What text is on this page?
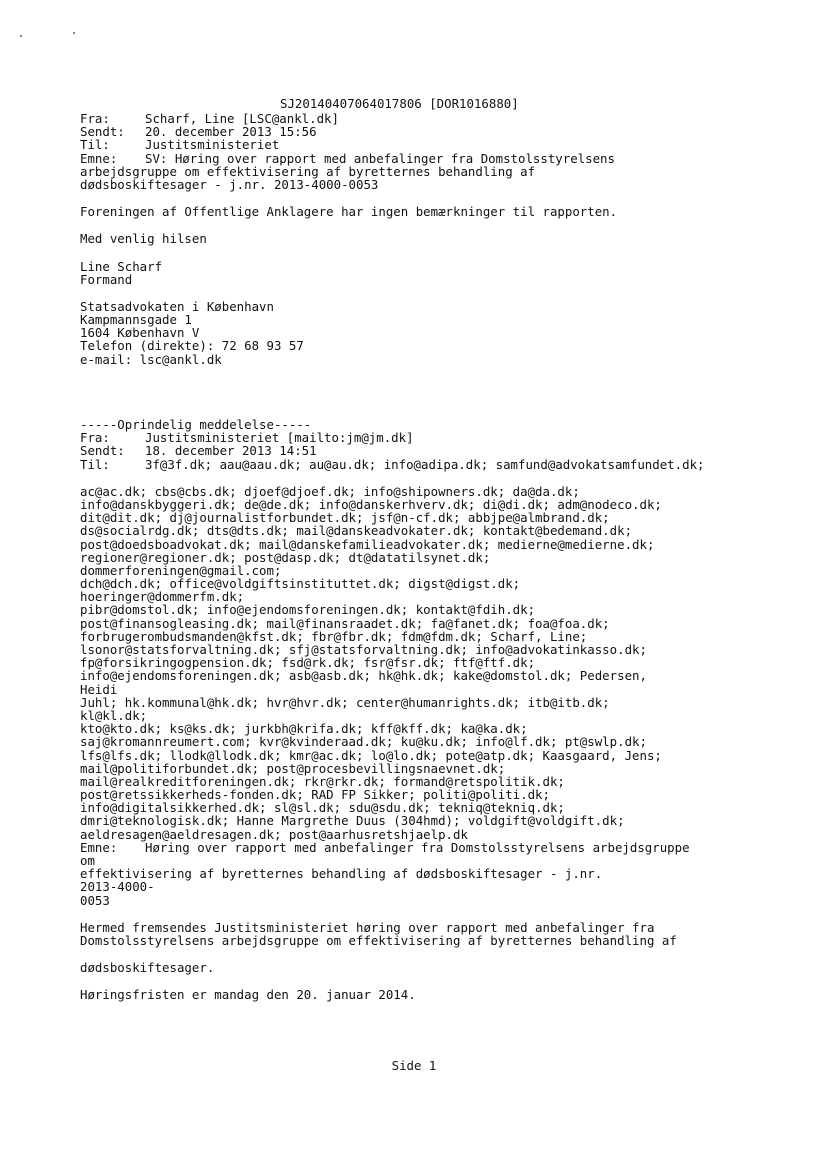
SJ20140407064017806 [DOR1016880]
Fra:	Scharf, Line [LSC@ankl.dk]
Sendt:	20. december 2013 15:56
Til:	Justitsministeriet
Emne:	SV: Høring over rapport med anbefalinger fra Domstolsstyrelsens
arbejdsgruppe om effektivisering af byretternes behandling af
dødsboskiftesager - j.nr. 2013-4000-0053
Foreningen af Offentlige Anklagere har ingen bemærkninger til rapporten.
Med venlig hilsen
Line Scharf
Formand
Statsadvokaten i København
Kampmannsgade 1
1604 København V
Telefon (direkte): 72 68 93 57
e-mail: lsc@ankl.dk
-----Oprindelig meddelelse-----
Fra:	Justitsministeriet [mailto:jm@jm.dk]
Sendt:	18. december 2013 14:51
Til:	3f@3f.dk; aau@aau.dk; au@au.dk; info@adipa.dk; samfund@advokatsamfundet.dk;
ac@ac.dk; cbs@cbs.dk; djoef@djoef.dk; info@shipowners.dk; da@da.dk;
info@danskbyggeri.dk; de@de.dk; info@danskerhverv.dk; di@di.dk; adm@nodeco.dk;
dit@dit.dk; dj@journalistforbundet.dk; jsf@n-cf.dk; abbjpe@almbrand.dk;
ds@socialrdg.dk; dts@dts.dk; mail@danskeadvokater.dk; kontakt@bedemand.dk;
post@doedsboadvokat.dk; mail@danskefamilieadvokater.dk; medierne@medierne.dk;
regioner@regioner.dk; post@dasp.dk; dt@datatilsynet.dk;
dommerforeningen@gmail.com;
dch@dch.dk; office@voldgiftsinstituttet.dk; digst@digst.dk;
hoeringer@dommerfm.dk;
pibr@domstol.dk; info@ejendomsforeningen.dk; kontakt@fdih.dk;
post@finansogleasing.dk; mail@finansraadet.dk; fa@fanet.dk; foa@foa.dk;
forbrugerombudsmanden@kfst.dk; fbr@fbr.dk; fdm@fdm.dk; Scharf, Line;
lsonor@statsforvaltning.dk; sfj@statsforvaltning.dk; info@advokatinkasso.dk;
fp@forsikringogpension.dk; fsd@rk.dk; fsr@fsr.dk; ftf@ftf.dk;
info@ejendomsforeningen.dk; asb@asb.dk; hk@hk.dk; kake@domstol.dk; Pedersen,
Heidi
Juhl; hk.kommunal@hk.dk; hvr@hvr.dk; center@humanrights.dk; itb@itb.dk;
kl@kl.dk;
kto@kto.dk; ks@ks.dk; jurkbh@krifa.dk; kff@kff.dk; ka@ka.dk;
saj@kromannreumert.com; kvr@kvinderaad.dk; ku@ku.dk; info@lf.dk; pt@swlp.dk;
lfs@lfs.dk; llodk@llodk.dk; kmr@ac.dk; lo@lo.dk; pote@atp.dk; Kaasgaard, Jens;
mail@politiforbundet.dk; post@procesbevillingsnaevnet.dk;
mail@realkreditforeningen.dk; rkr@rkr.dk; formand@retspolitik.dk;
post@retssikkerheds-fonden.dk; RAD FP Sikker; politi@politi.dk;
info@digitalsikkerhed.dk; sl@sl.dk; sdu@sdu.dk; tekniq@tekniq.dk;
dmri@teknologisk.dk; Hanne Margrethe Duus (304hmd); voldgift@voldgift.dk;
aeldresagen@aeldresagen.dk; post@aarhusretshjaelp.dk
Emne:	Høring over rapport med anbefalinger fra Domstolsstyrelsens arbejdsgruppe
om
effektivisering af byretternes behandling af dødsboskiftesager - j.nr.
2013-4000-
0053
Hermed fremsendes Justitsministeriet høring over rapport med anbefalinger fra
Domstolsstyrelsens arbejdsgruppe om effektivisering af byretternes behandling af
dødsboskiftesager.
Høringsfristen er mandag den 20. januar 2014.
Side 1
